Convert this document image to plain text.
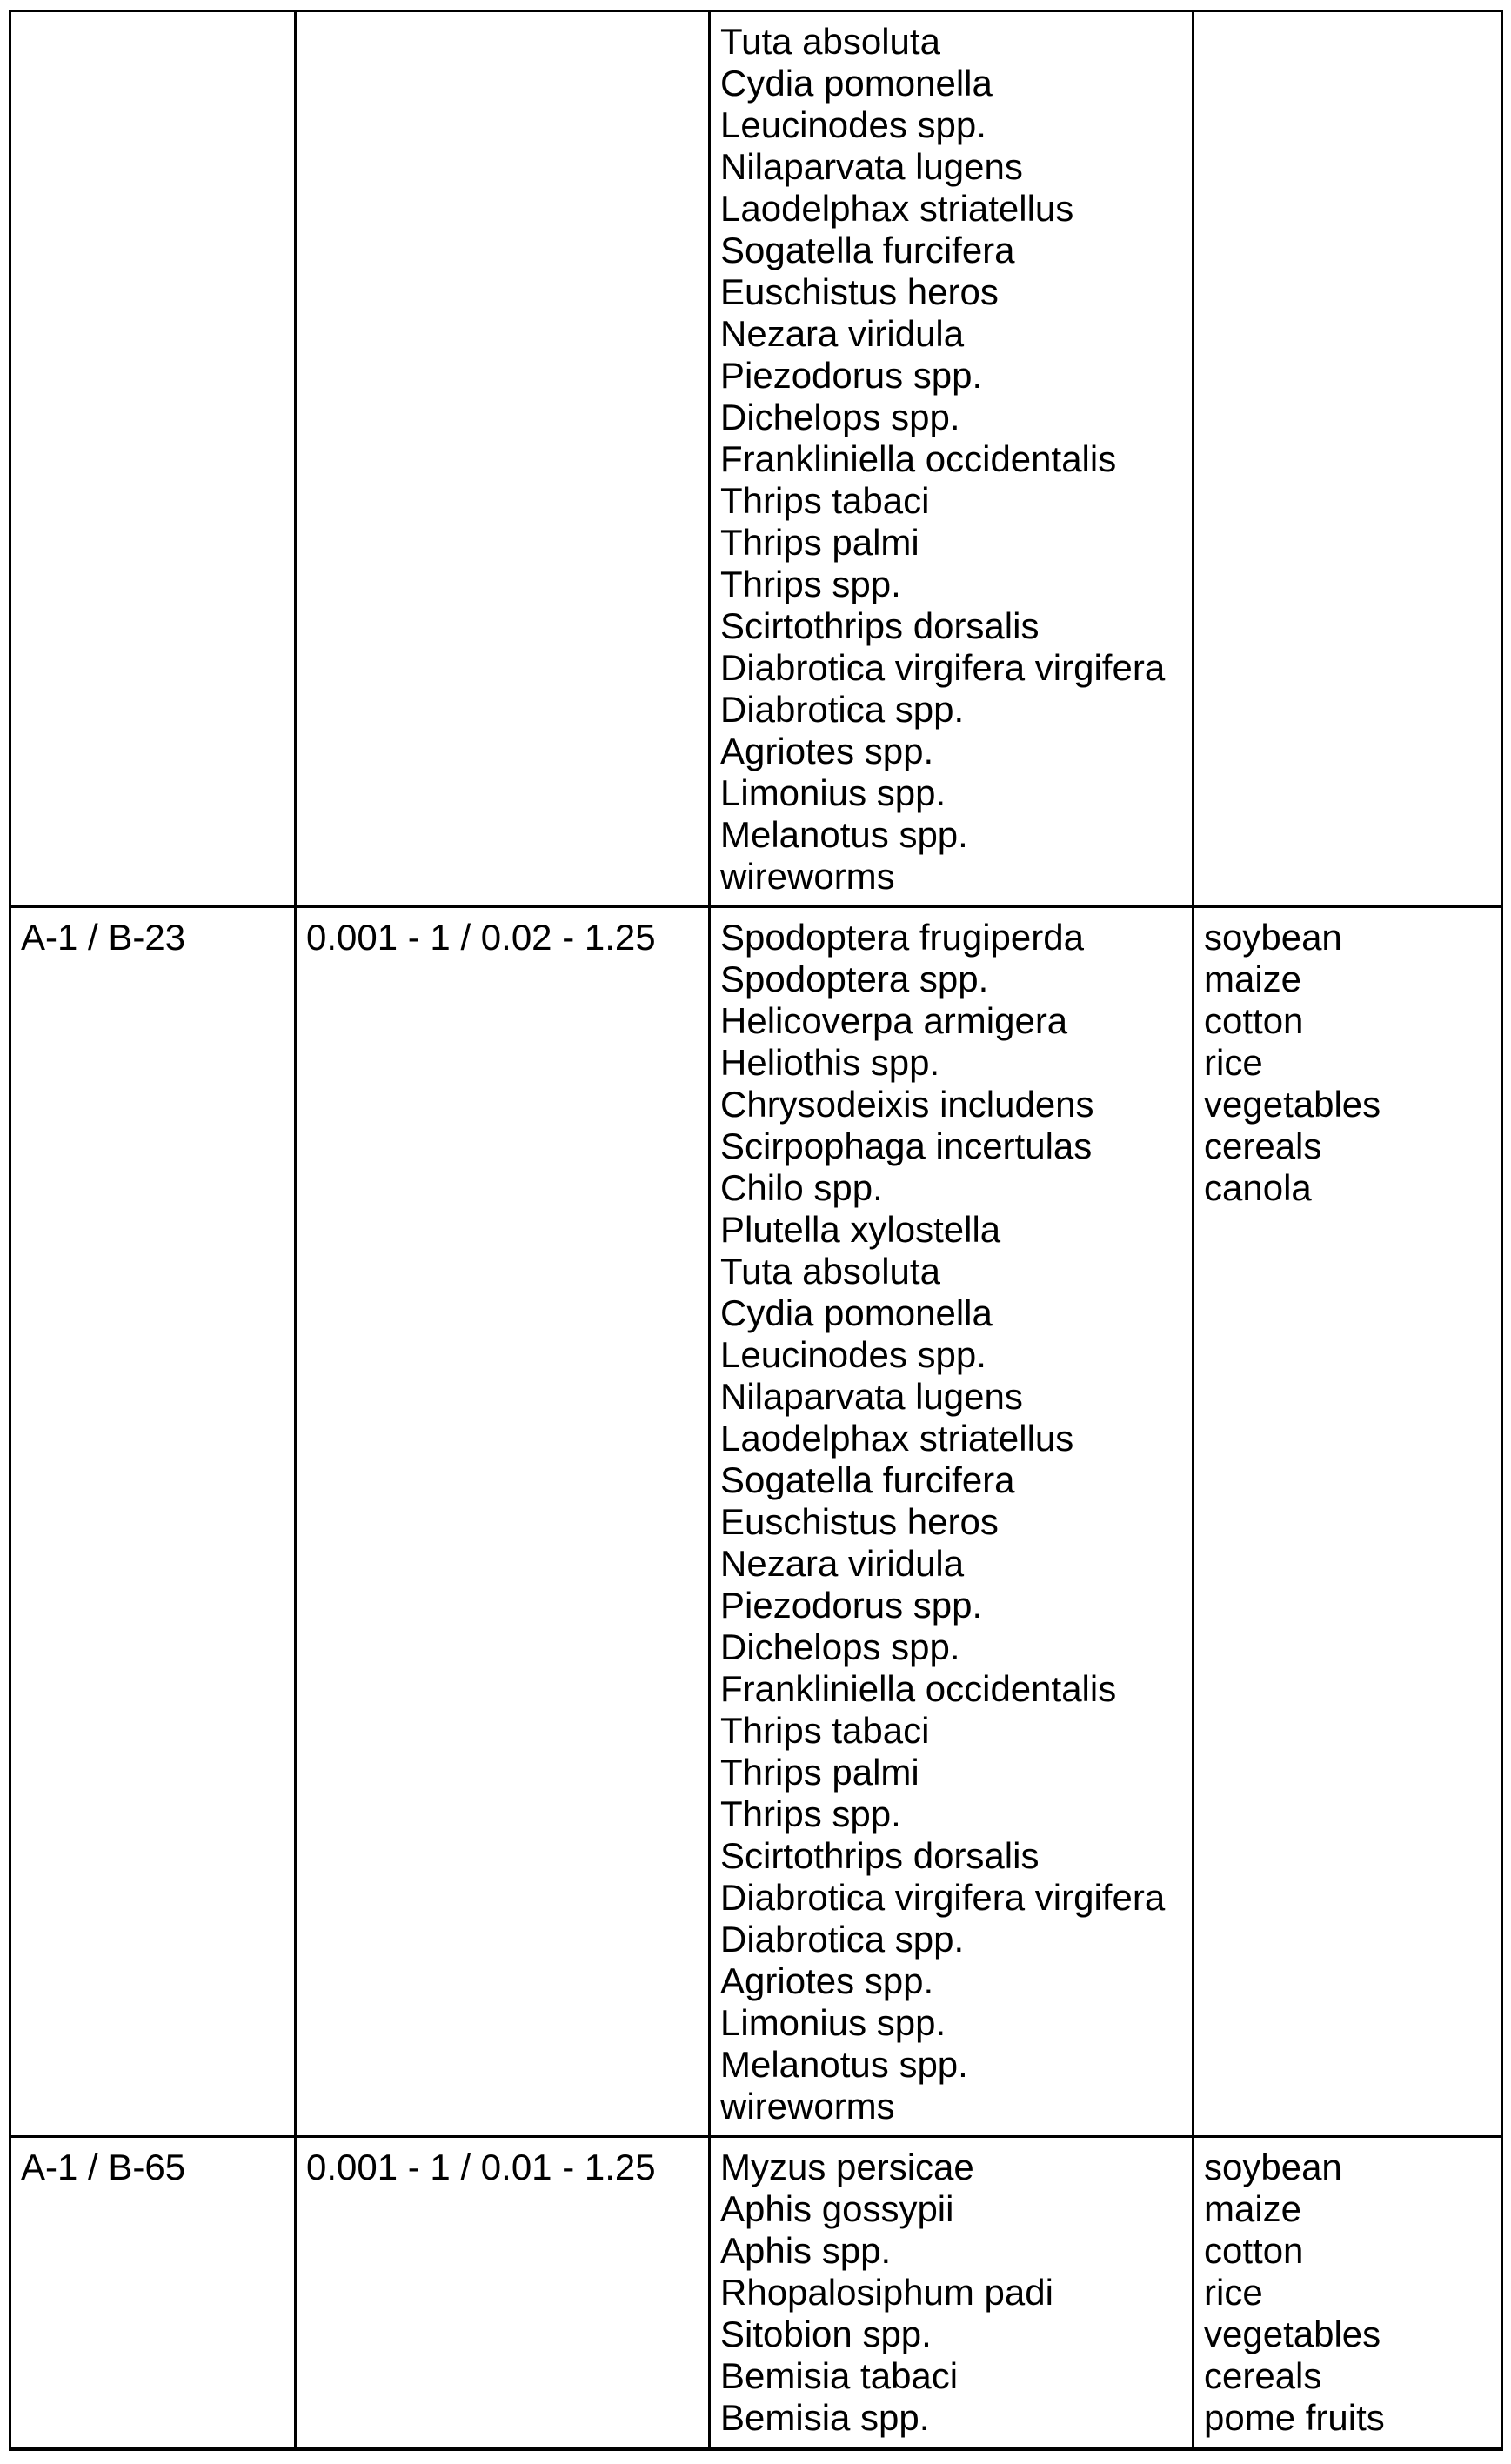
		Tuta absoluta
Cydia pomonella
Leucinodes spp.
Nilaparvata lugens
Laodelphax striatellus
Sogatella furcifera
Euschistus heros
Nezara viridula
Piezodorus spp.
Dichelops spp.
Frankliniella occidentalis
Thrips tabaci
Thrips palmi
Thrips spp.
Scirtothrips dorsalis
Diabrotica virgifera virgifera
Diabrotica spp.
Agriotes spp.
Limonius spp.
Melanotus spp.
wireworms	
A-1 / B-23	0.001 - 1 / 0.02 - 1.25	Spodoptera frugiperda
Spodoptera spp.
Helicoverpa armigera
Heliothis spp.
Chrysodeixis includens
Scirpophaga incertulas
Chilo spp.
Plutella xylostella
Tuta absoluta
Cydia pomonella
Leucinodes spp.
Nilaparvata lugens
Laodelphax striatellus
Sogatella furcifera
Euschistus heros
Nezara viridula
Piezodorus spp.
Dichelops spp.
Frankliniella occidentalis
Thrips tabaci
Thrips palmi
Thrips spp.
Scirtothrips dorsalis
Diabrotica virgifera virgifera
Diabrotica spp.
Agriotes spp.
Limonius spp.
Melanotus spp.
wireworms	soybean
maize
cotton
rice
vegetables
cereals
canola
A-1 / B-65	0.001 - 1 / 0.01 - 1.25	Myzus persicae
Aphis gossypii
Aphis spp.
Rhopalosiphum padi
Sitobion spp.
Bemisia tabaci
Bemisia spp.	soybean
maize
cotton
rice
vegetables
cereals
pome fruits
